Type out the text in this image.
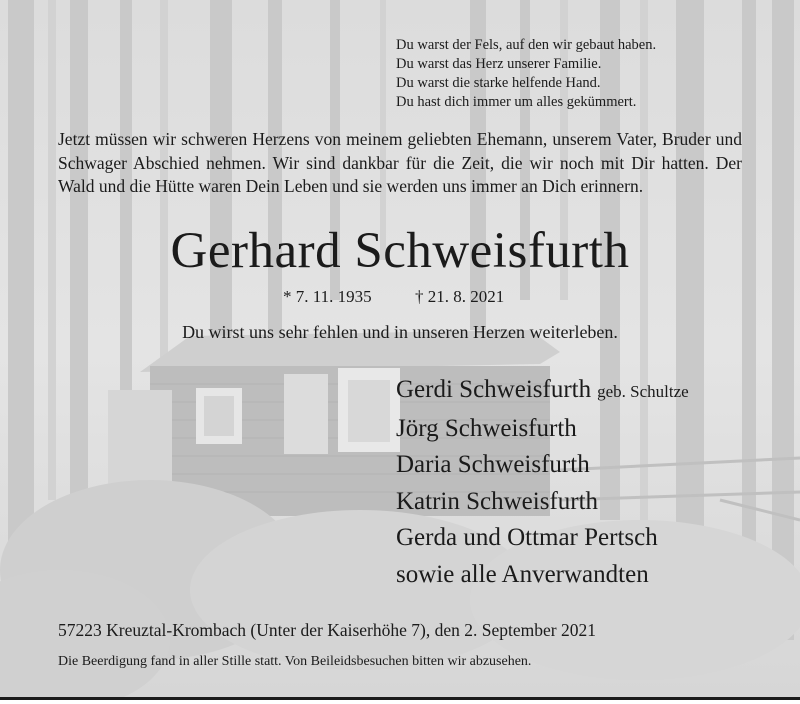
Du warst der Fels, auf den wir gebaut haben.
Du warst das Herz unserer Familie.
Du warst die starke helfende Hand.
Du hast dich immer um alles gekümmert.

Jetzt müssen wir schweren Herzens von meinem geliebten Ehemann, unserem Vater, Bruder und Schwager Abschied nehmen. Wir sind dankbar für die Zeit, die wir noch mit Dir hatten. Der Wald und die Hütte waren Dein Leben und sie werden uns immer an Dich erinnern.

Gerhard Schweisfurth
* 7. 11. 1935	† 21. 8. 2021
Du wirst uns sehr fehlen und in unseren Herzen weiterleben.
Gerdi Schweisfurth geb. Schultze
Jörg Schweisfurth
Daria Schweisfurth
Katrin Schweisfurth
Gerda und Ottmar Pertsch
sowie alle Anverwandten
57223 Kreuztal-Krombach (Unter der Kaiserhöhe 7), den 2. September 2021
Die Beerdigung fand in aller Stille statt. Von Beileidsbesuchen bitten wir abzusehen.
